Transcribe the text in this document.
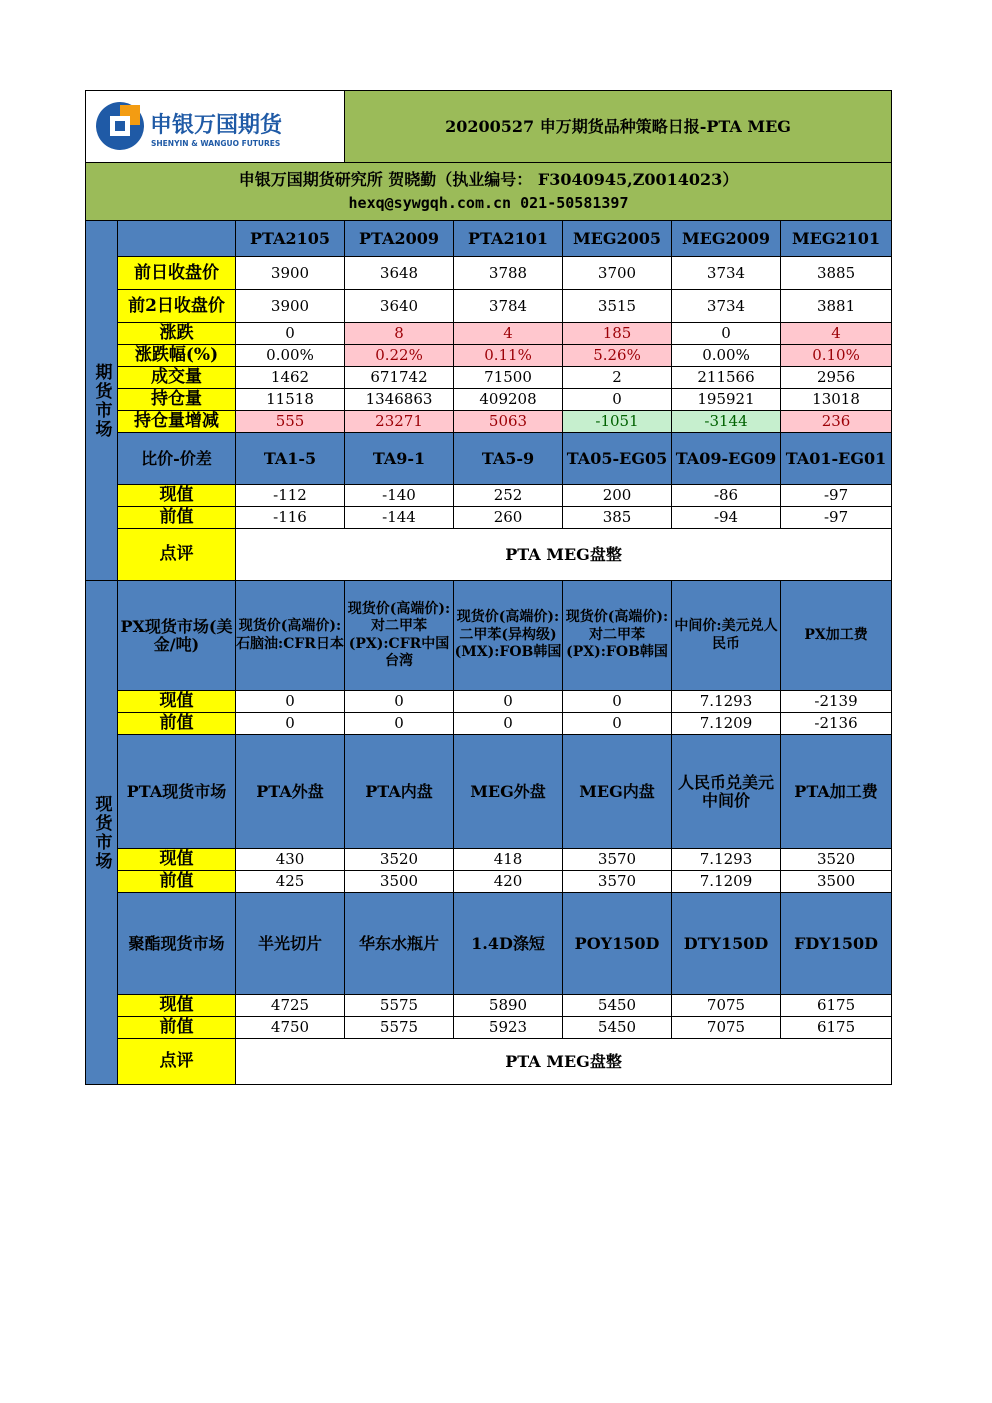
申银万国期货
SHENYIN & WANGUO FUTURES			20200527 申万期货品种策略日报-PTA MEG				

申银万国期货研究所 贺晓勤（执业编号： F3040945,Z0014023）
hexq@sywgqh.com.cn 021-50581397							

期货市场		PTA2105	PTA2009	PTA2101	MEG2005	MEG2009	MEG2101
	前日收盘价	3900	3648	3788	3700	3734	3885
	前2日收盘价	3900	3640	3784	3515	3734	3881
	涨跌	0	8	4	185	0	4
	涨跌幅(%)	0.00%	0.22%	0.11%	5.26%	0.00%	0.10%
	成交量	1462	671742	71500	2	211566	2956
	持仓量	11518	1346863	409208	0	195921	13018
	持仓量增减	555	23271	5063	-1051	-3144	236
	比价-价差	TA1-5	TA9-1	TA5-9	TA05-EG05	TA09-EG09	TA01-EG01
	现值	-112	-140	252	200	-86	-97
	前值	-116	-144	260	385	-94	-97
	点评	PTA MEG盘整					
现货市场	PX现货市场(美金/吨)	现货价(高端价):石脑油:CFR日本	现货价(高端价):对二甲苯(PX):CFR中国台湾	现货价(高端价):二甲苯(异构级)(MX):FOB韩国	现货价(高端价):对二甲苯(PX):FOB韩国	中间价:美元兑人民币	PX加工费
	现值	0	0	0	0	7.1293	-2139
	前值	0	0	0	0	7.1209	-2136
	PTA现货市场	PTA外盘	PTA内盘	MEG外盘	MEG内盘	人民币兑美元中间价	PTA加工费
	现值	430	3520	418	3570	7.1293	3520
	前值	425	3500	420	3570	7.1209	3500
	聚酯现货市场	半光切片	华东水瓶片	1.4D涤短	POY150D	DTY150D	FDY150D
	现值	4725	5575	5890	5450	7075	6175
	前值	4750	5575	5923	5450	7075	6175
	点评	PTA MEG盘整					
